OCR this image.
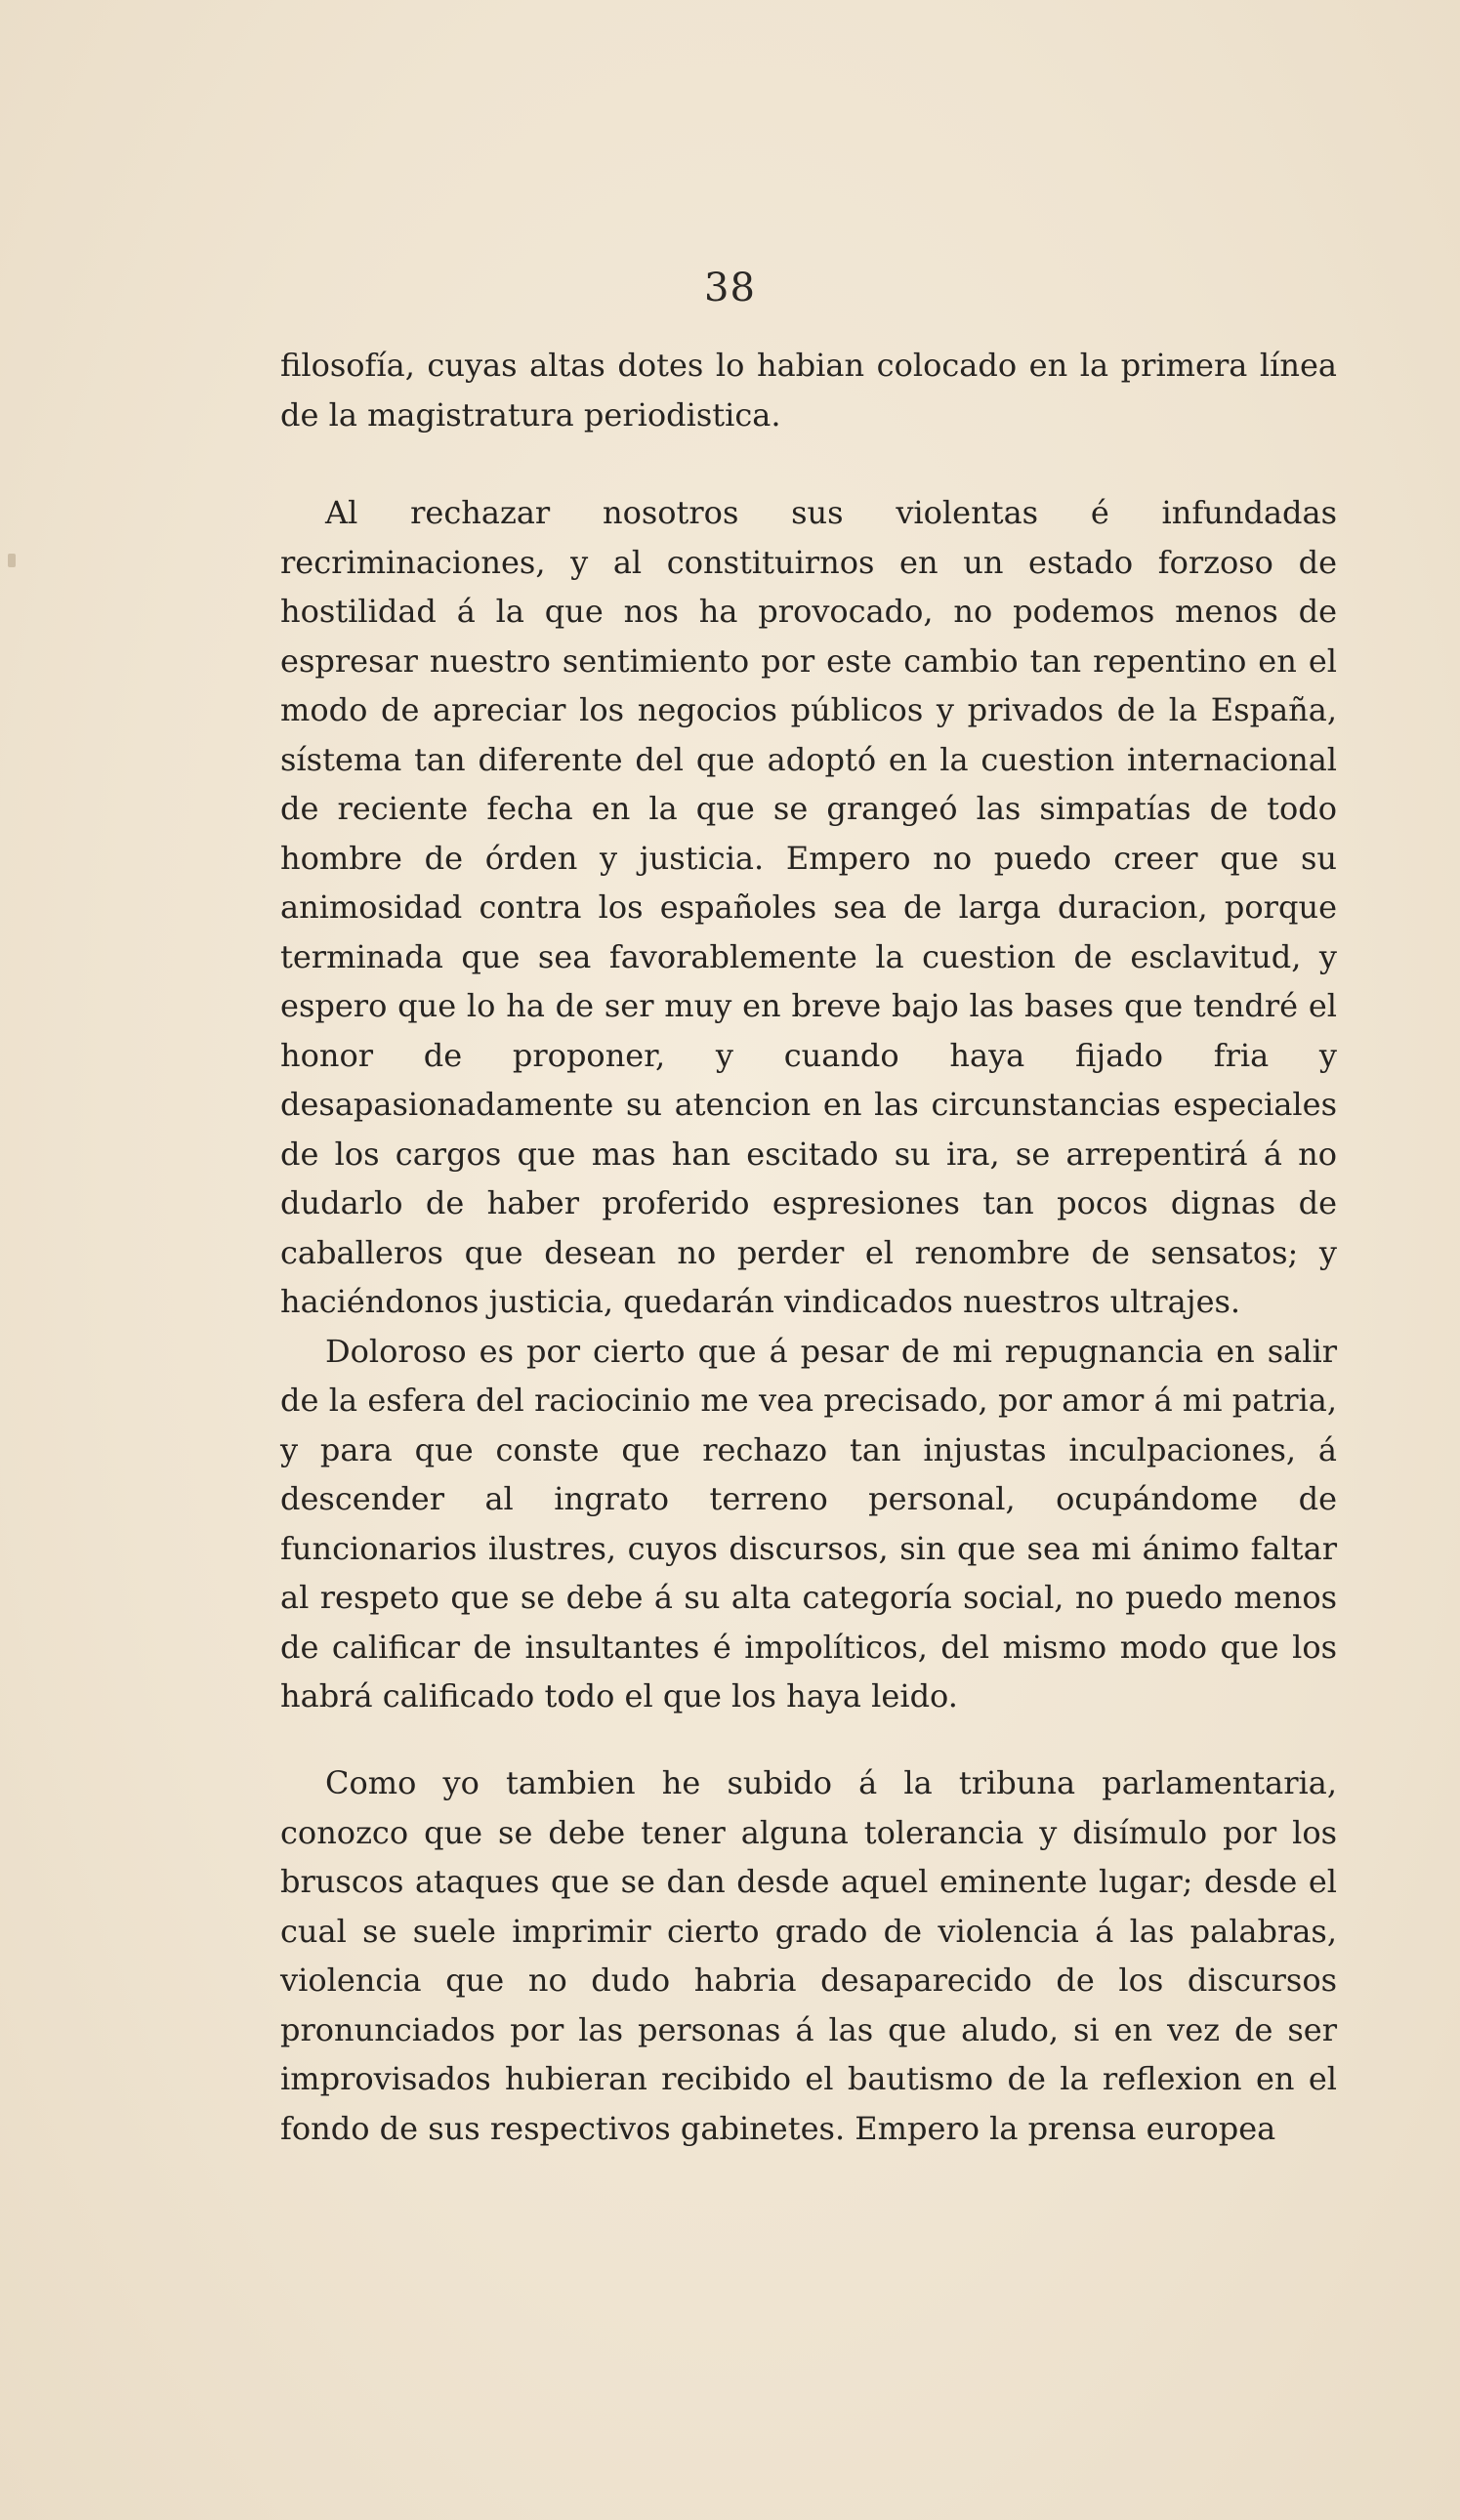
38

filosofía, cuyas altas dotes lo habian colocado en la primera línea de la magistratura periodistica.

Al rechazar nosotros sus violentas é infundadas recriminaciones, y al constituirnos en un estado forzoso de hostilidad á la que nos ha provocado, no podemos menos de espresar nuestro sentimiento por este cambio tan repentino en el modo de apreciar los negocios públicos y privados de la España, sístema tan diferente del que adoptó en la cuestion internacional de reciente fecha en la que se grangeó las simpatías de todo hombre de órden y justicia. Empero no puedo creer que su animosidad contra los españoles sea de larga duracion, porque terminada que sea favorablemente la cuestion de esclavitud, y espero que lo ha de ser muy en breve bajo las bases que tendré el honor de proponer, y cuando haya fijado fria y desapasionadamente su atencion en las circunstancias especiales de los cargos que mas han escitado su ira, se arrepentirá á no dudarlo de haber proferido espresiones tan pocos dignas de caballeros que desean no perder el renombre de sensatos; y haciéndonos justicia, quedarán vindicados nuestros ultrajes.

Doloroso es por cierto que á pesar de mi repugnancia en salir de la esfera del raciocinio me vea precisado, por amor á mi patria, y para que conste que rechazo tan injustas inculpaciones, á descender al ingrato terreno personal, ocupándome de funcionarios ilustres, cuyos discursos, sin que sea mi ánimo faltar al respeto que se debe á su alta categoría social, no puedo menos de calificar de insultantes é impolíticos, del mismo modo que los habrá calificado todo el que los haya leido.

Como yo tambien he subido á la tribuna parlamentaria, conozco que se debe tener alguna tolerancia y disímulo por los bruscos ataques que se dan desde aquel eminente lugar; desde el cual se suele imprimir cierto grado de violencia á las palabras, violencia que no dudo habria desaparecido de los discursos pronunciados por las personas á las que aludo, si en vez de ser improvisados hubieran recibido el bautismo de la reflexion en el fondo de sus respectivos gabinetes. Empero la prensa europea
